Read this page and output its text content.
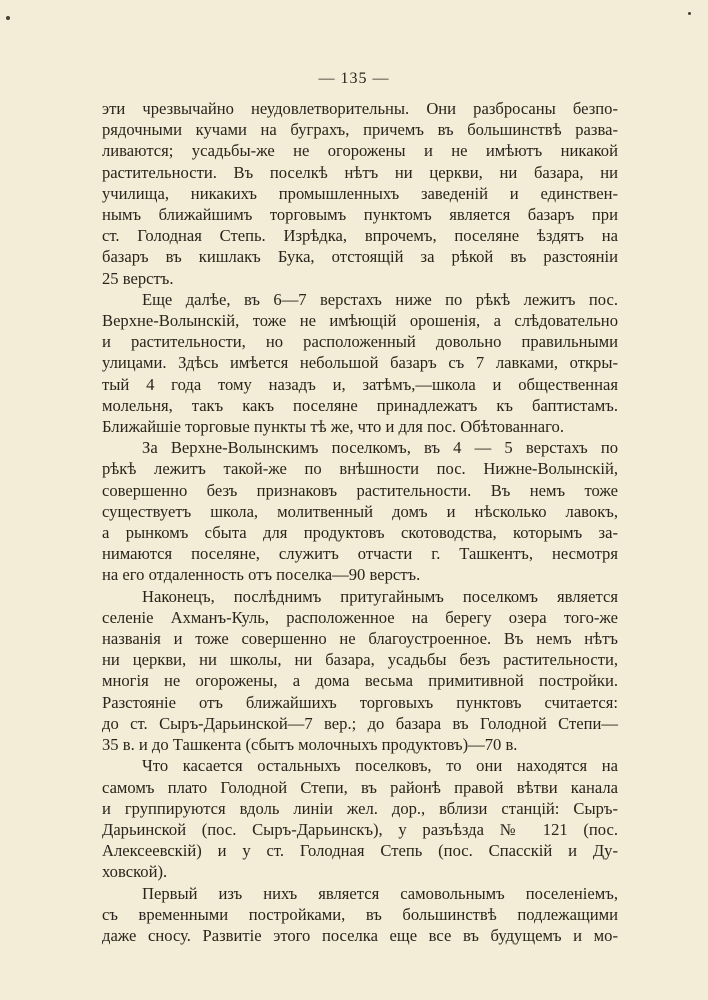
— 135 —
эти чрезвычайно неудовлетворительны. Они разбросаны безпо-
рядочными кучами на буграхъ, причемъ въ большинствѣ разва-
ливаются; усадьбы-же не огорожены и не имѣютъ никакой
растительности. Въ поселкѣ нѣтъ ни церкви, ни базара, ни
училища, никакихъ промышленныхъ заведеній и единствен-
нымъ ближайшимъ торговымъ пунктомъ является базаръ при
ст. Голодная Степь. Изрѣдка, впрочемъ, поселяне ѣздятъ на
базаръ въ кишлакъ Бука, отстоящій за рѣкой въ разстояніи
25 верстъ.
Еще далѣе, въ 6—7 верстахъ ниже по рѣкѣ лежитъ пос.
Верхне-Волынскій, тоже не имѣющій орошенія, а слѣдовательно
и растительности, но расположенный довольно правильными
улицами. Здѣсь имѣется небольшой базаръ съ 7 лавками, откры-
тый 4 года тому назадъ и, затѣмъ,—школа и общественная
молельня, такъ какъ поселяне принадлежатъ къ баптистамъ.
Ближайшіе торговые пункты тѣ же, что и для пос. Обѣтованнаго.
За Верхне-Волынскимъ поселкомъ, въ 4 — 5 верстахъ по
рѣкѣ лежитъ такой-же по внѣшности пос. Нижне-Волынскій,
совершенно безъ признаковъ растительности. Въ немъ тоже
существуетъ школа, молитвенный домъ и нѣсколько лавокъ,
а рынкомъ сбыта для продуктовъ скотоводства, которымъ за-
нимаются поселяне, служитъ отчасти г. Ташкентъ, несмотря
на его отдаленность отъ поселка—90 верстъ.
Наконецъ, послѣднимъ притугайнымъ поселкомъ является
селеніе Ахманъ-Куль, расположенное на берегу озера того-же
названія и тоже совершенно не благоустроенное. Въ немъ нѣтъ
ни церкви, ни школы, ни базара, усадьбы безъ растительности,
многія не огорожены, а дома весьма примитивной постройки.
Разстояніе отъ ближайшихъ торговыхъ пунктовъ считается:
до ст. Сыръ-Дарьинской—7 вер.; до базара въ Голодной Степи—
35 в. и до Ташкента (сбытъ молочныхъ продуктовъ)—70 в.
Что касается остальныхъ поселковъ, то они находятся на
самомъ плато Голодной Степи, въ районѣ правой вѣтви канала
и группируются вдоль линіи жел. дор., вблизи станцій: Сыръ-
Дарьинской (пос. Сыръ-Дарьинскъ), у разъѣзда № 121 (пос.
Алексеевскій) и у ст. Голодная Степь (пос. Спасскій и Ду-
ховской).
Первый изъ нихъ является самовольнымъ поселеніемъ,
съ временными постройками, въ большинствѣ подлежащими
даже сносу. Развитіе этого поселка еще все въ будущемъ и мо-
